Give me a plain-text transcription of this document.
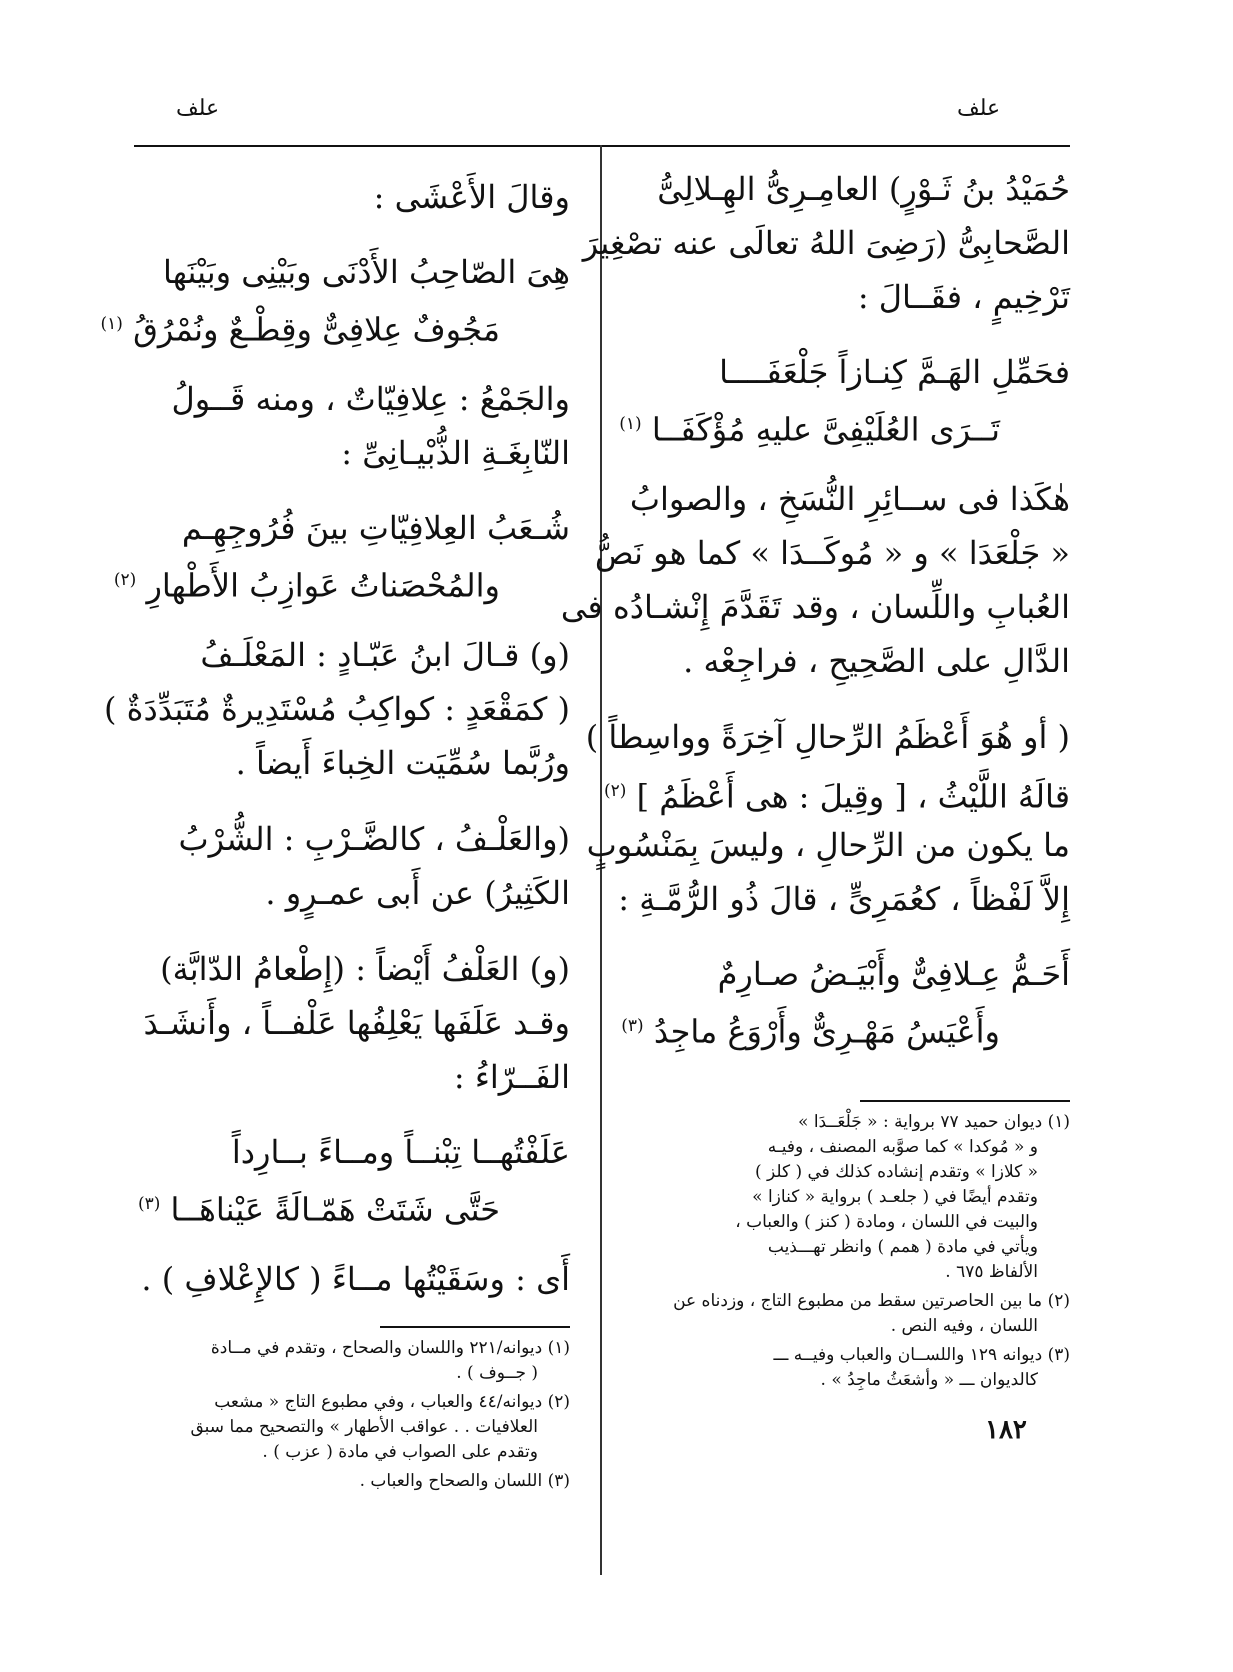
علف
علف
حُمَيْدُ بنُ ثَـوْرٍ) العامِـرِىُّ الهِـلالِىُّ
الصَّحابِىُّ (رَضِىَ اللهُ تعالَى عنه تصْغِيرَ
تَرْخِيمٍ ، فقَــالَ :
فحَمِّلِ الهَـمَّ كِنـازاً جَلْعَفَــــا
تَــرَى العُلَيْفِىَّ عليهِ مُؤْكَفَــا $^{(١)}$
هٰكَذا فى ســائِرِ النُّسَخِ ، والصوابُ
« جَلْعَدَا » و « مُوكَــدَا » كما هو نَصُّ
العُبابِ واللِّسان ، وقد تَقَدَّمَ إِنْشـادُه فى
الدَّالِ على الصَّحِيحِ ، فراجِعْه .
( أو هُوَ أَعْظَمُ الرِّحالِ آخِرَةً وواسِطاً )
قالَهُ اللَّيْثُ ، [ وقِيلَ : هى أَعْظَمُ ] $^{(٢)}$
ما يكون من الرِّحالِ ، وليسَ بِمَنْسُوبٍ
إِلاَّ لَفْظاً ، كعُمَرِىٍّ ، قالَ ذُو الرُّمَّـةِ :
أَحَـمُّ عِـلافِىٌّ وأَبْيَـضُ صـارِمٌ
وأَعْيَسُ مَهْـرِىٌّ وأَرْوَعُ ماجِدُ $^{(٣)}$
(١) ديوان حميد ٧٧ برواية : « جَلْعَــدَا »
و « مُوكدا » كما صوَّبه المصنف ، وفيـه
« كلازا » وتقدم إنشاده كذلك في ( كلز )
وتقدم أيضًا في ( جلعـد ) برواية « كنازا »
والبيت في اللسان ، ومادة ( كنز ) والعباب ،
ويأتي في مادة ( همم ) وانظر تهـــذيب
الألفاظ ٦٧٥ .
(٢) ما بين الحاصرتين سقط من مطبوع التاج ، وزدناه عن
اللسان ، وفيه النص .
(٣) ديوانه ١٢٩ واللســان والعباب وفيــه ـــ
كالديوان ـــ « وأشعَثُ ماجِدُ » .
وقالَ الأَعْشَى :
هِىَ الصّاحِبُ الأَدْنَى وبَيْنِى وبَيْنَها
مَجُوفٌ عِلافِىٌّ وقِطْـعٌ ونُمْرُقُ $^{(١)}$
والجَمْعُ : عِلافِيّاتٌ ، ومنه قَــولُ
النّابِغَـةِ الذُّبْيـانِىِّ :
شُـعَبُ العِلافِيّاتِ بينَ فُرُوجِهِـم
والمُحْصَناتُ عَوازِبُ الأَطْهارِ $^{(٢)}$
(و) قـالَ ابنُ عَبّـادٍ : المَعْلَـفُ
( كمَقْعَدٍ : كواكِبُ مُسْتَدِيرةٌ مُتَبَدِّدَةٌ )
ورُبَّما سُمِّيَت الخِباءَ أَيضاً .
(والعَلْـفُ ، كالضَّـرْبِ : الشُّرْبُ
الكَثِيرُ) عن أَبى عمـرٍو .
(و) العَلْفُ أَيْضاً : (إِطْعامُ الدّابَّة)
وقـد عَلَفَها يَعْلِفُها عَلْفــاً ، وأَنشَـدَ
الفَــرّاءُ :
عَلَفْتُهــا تِبْنــاً ومــاءً بــارِداً
حَتَّى شَتَتْ هَمّـالَةً عَيْناهَــا $^{(٣)}$
أَى : وسَقَيْتُها مــاءً ( كالإِعْلافِ ) .
(١) ديوانه/٢٢١ واللسان والصحاح ، وتقدم في مــادة
( جــوف ) .
(٢) ديوانه/٤٤ والعباب ، وفي مطبوع التاج « مشعب
العلافيات . . عواقب الأطهار » والتصحيح مما سبق
وتقدم على الصواب في مادة ( عزب ) .
(٣) اللسان والصحاح والعباب .
١٨٢
